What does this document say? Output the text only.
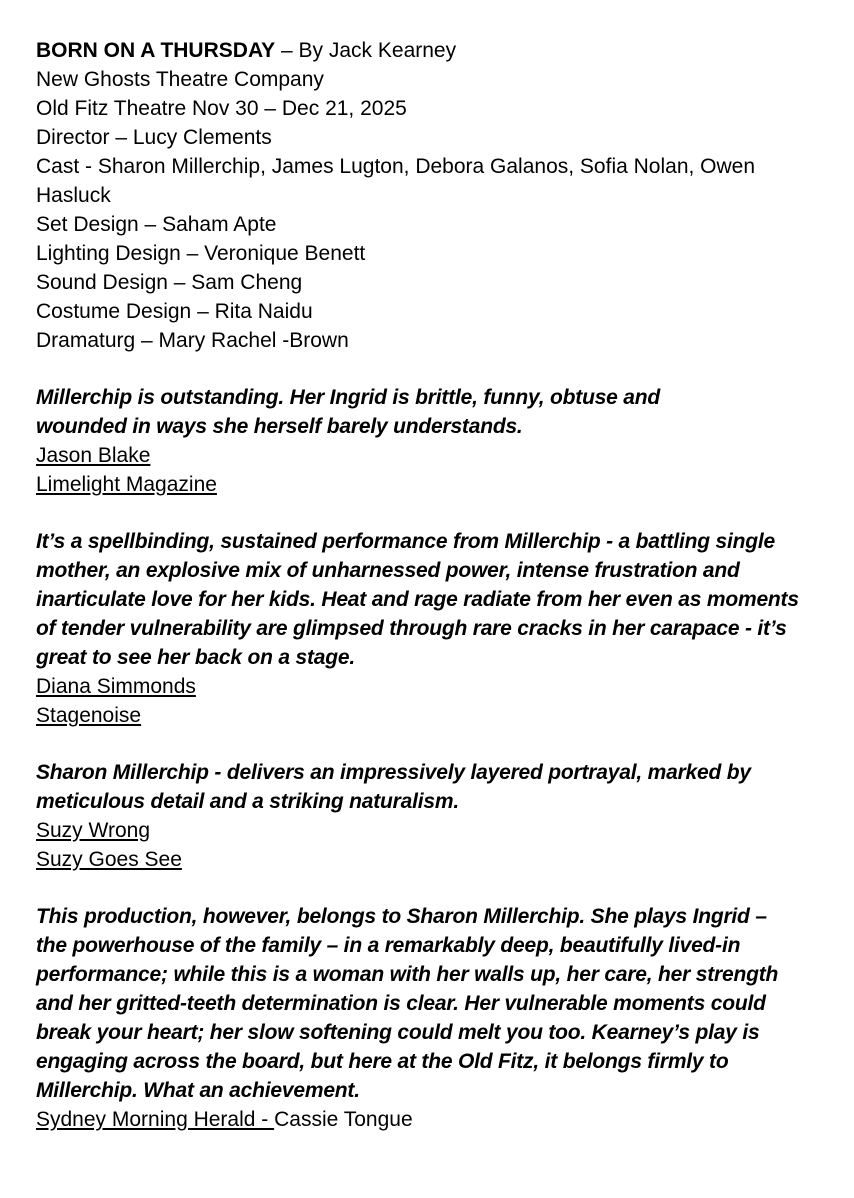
BORN ON A THURSDAY – By Jack Kearney
New Ghosts Theatre Company
Old Fitz Theatre Nov 30 – Dec 21, 2025
Director – Lucy Clements
Cast - Sharon Millerchip, James Lugton, Debora Galanos, Sofia Nolan, Owen Hasluck
Set Design – Saham Apte
Lighting Design – Veronique Benett
Sound Design – Sam Cheng
Costume Design – Rita Naidu
Dramaturg – Mary Rachel -Brown
Millerchip is outstanding. Her Ingrid is brittle, funny, obtuse and wounded in ways she herself barely understands.
Jason Blake
Limelight Magazine
It’s a spellbinding, sustained performance from Millerchip - a battling single mother, an explosive mix of unharnessed power, intense frustration and inarticulate love for her kids. Heat and rage radiate from her even as moments of tender vulnerability are glimpsed through rare cracks in her carapace - it’s great to see her back on a stage.
Diana Simmonds
Stagenoise
Sharon Millerchip - delivers an impressively layered portrayal, marked by meticulous detail and a striking naturalism.
Suzy Wrong
Suzy Goes See
This production, however, belongs to Sharon Millerchip. She plays Ingrid – the powerhouse of the family – in a remarkably deep, beautifully lived-in performance; while this is a woman with her walls up, her care, her strength and her gritted-teeth determination is clear. Her vulnerable moments could break your heart; her slow softening could melt you too. Kearney’s play is engaging across the board, but here at the Old Fitz, it belongs firmly to Millerchip. What an achievement.
Sydney Morning Herald - Cassie Tongue
